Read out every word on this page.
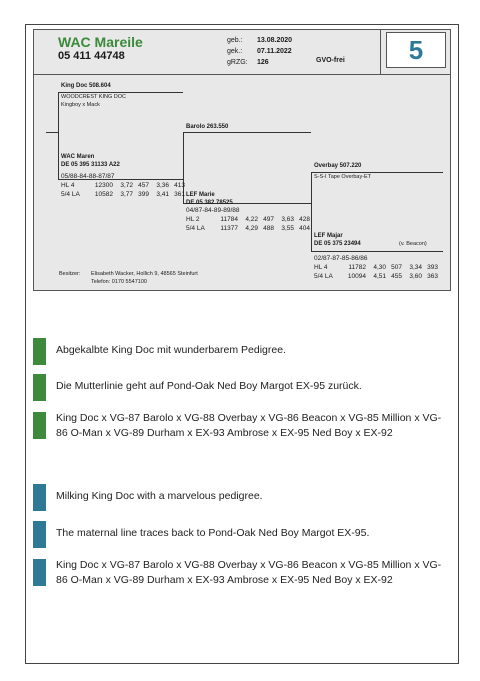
WAC Mareile
05 411 44748
geb.: 13.08.2020
gek.: 07.11.2022
gRZG: 126	GVO-frei	5
King Doc 508.604
WOODCREST KING DOC
Kingboy x Mack
WAC Maren
DE 05 395 31133 A22
05/88-84-88-87/87
HL 4	12300 3,72 457 3,36 413
5/4 LA 10582 3,77 399 3,41 361
Barolo 263.550
LEF Marie
DE 05 382 78525
04/87-84-89-89/88
HL 2	11784 4,22 497 3,63 428
5/4 LA 11377 4,29 488 3,55 404
Overbay 507.220
S-S-I Tape Overbay-ET
LEF Majar
DE 05 375 23494	(v. Beacon)
02/87-87-85-86/86
HL 4	11782 4,30 507 3,34 393
5/4 LA 10094 4,51 455 3,60 363
Besitzer: Elisabeth Wacker, Hollich 9, 48565 Steinfurt
Telefon: 0170 5547100
Abgekalbte King Doc mit wunderbarem Pedigree.
Die Mutterlinie geht auf Pond-Oak Ned Boy Margot EX-95 zurück.
King Doc x VG-87 Barolo x VG-88 Overbay x VG-86 Beacon x VG-85 Million x VG-86 O-Man x VG-89 Durham x EX-93 Ambrose x EX-95 Ned Boy x EX-92
Milking King Doc with a marvelous pedigree.
The maternal line traces back to Pond-Oak Ned Boy Margot EX-95.
King Doc x VG-87 Barolo x VG-88 Overbay x VG-86 Beacon x VG-85 Million x VG-86 O-Man x VG-89 Durham x EX-93 Ambrose x EX-95 Ned Boy x EX-92
